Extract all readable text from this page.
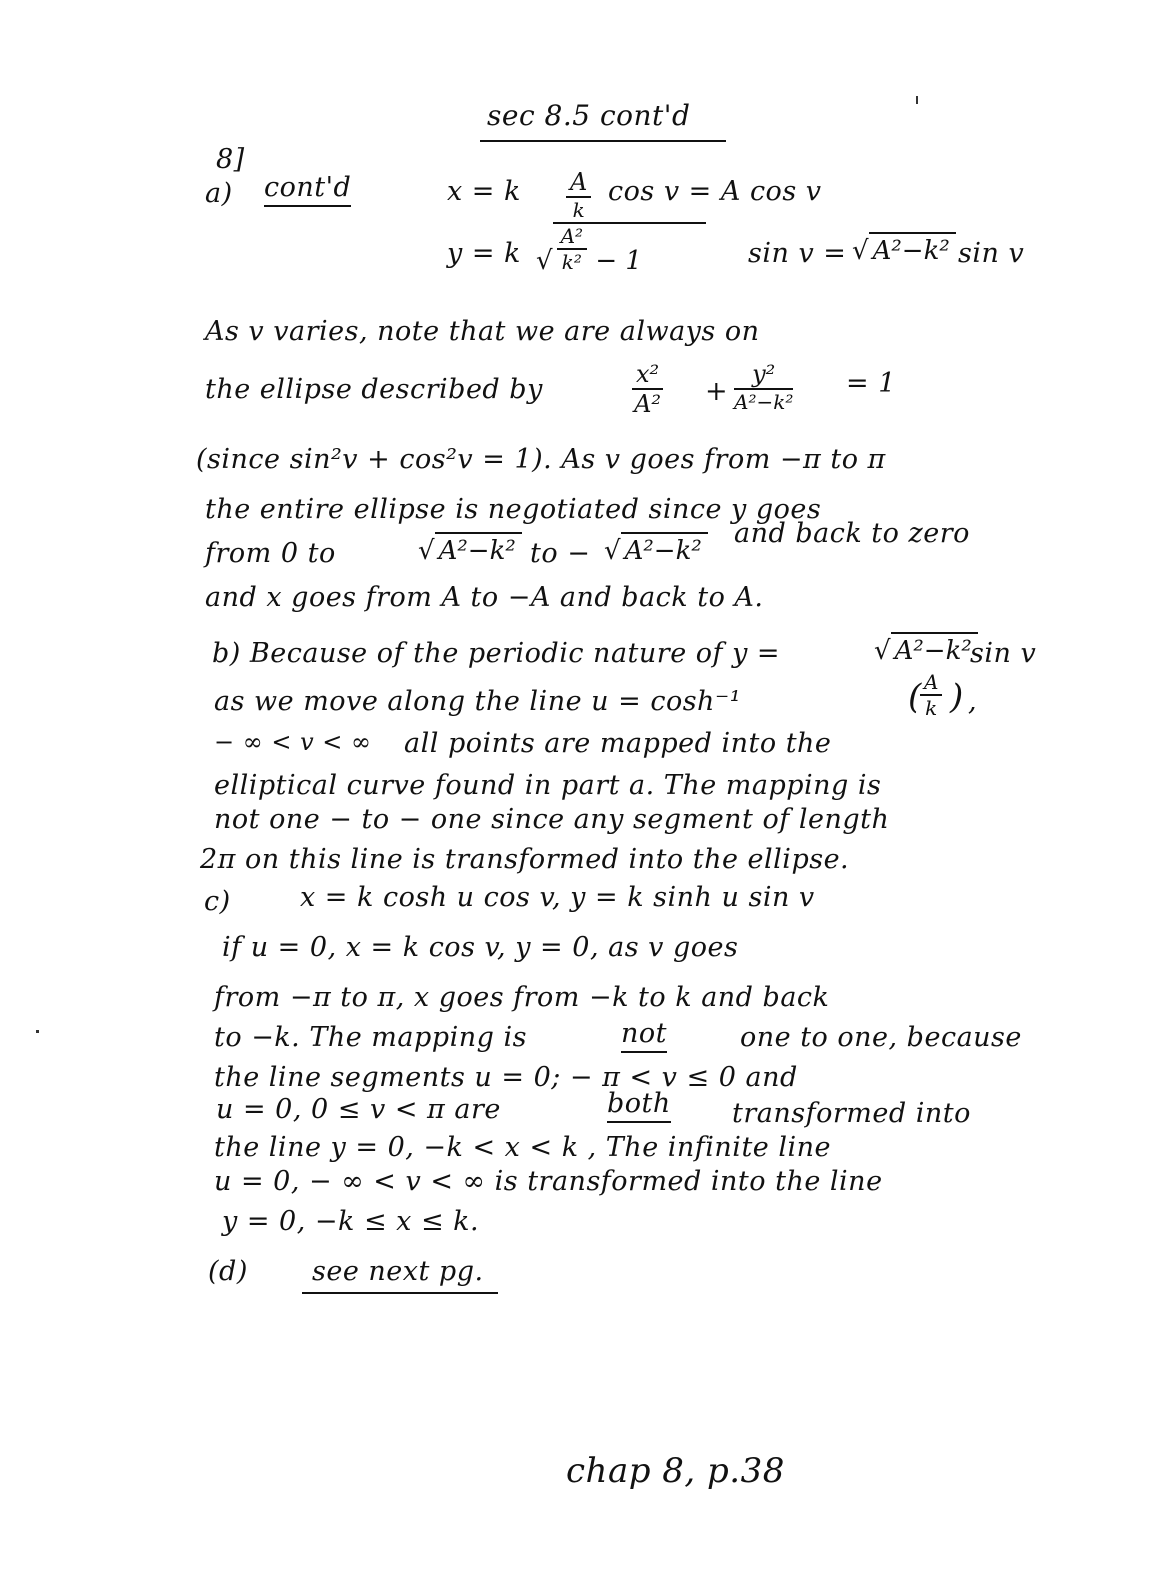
sec 8.5 cont'd
8]
a) cont'd	x = k A
k
cos v = A cos v
y = k √ $\frac{\text{A²}}{\text{k²}} - 1$	sin v = √ A²−k² sin v
As v varies, note that we are always on
the ellipse described by	$\frac{\text{x²}}{\text{A²}}$ +
y²
A²−k²
= 1
(since sin²v + cos²v = 1). As v goes from −π to π
the entire ellipse is negotiated since y goes
from 0 to	√ A²−k² to − √ A²−k²
and back to zero
and x goes from A to −A and back to A.
b) Because of the periodic nature of y =	√ A²−k²
sin v
as we move along the line u = cosh⁻¹	(
$\frac{A}{k}$ ) ,
− ∞ < v < ∞ all points are mapped into the
elliptical curve found in part a. The mapping is
not one − to − one since any segment of length
2π on this line is transformed into the ellipse.
c)	x = k cosh u cos v, y = k sinh u sin v
if u = 0, x = k cos v, y = 0, as v goes
from −π to π, x goes from −k to k and back
to −k. The mapping is	not	one to one, because
the line segments u = 0; − π < v ≤ 0 and
u = 0, 0 ≤ v < π are	both transformed into
the line y = 0, −k < x < k , The infinite line
u = 0, − ∞ < v < ∞ is transformed into the line
y = 0, −k ≤ x ≤ k.
(d) see next pg.
chap 8, p.38
